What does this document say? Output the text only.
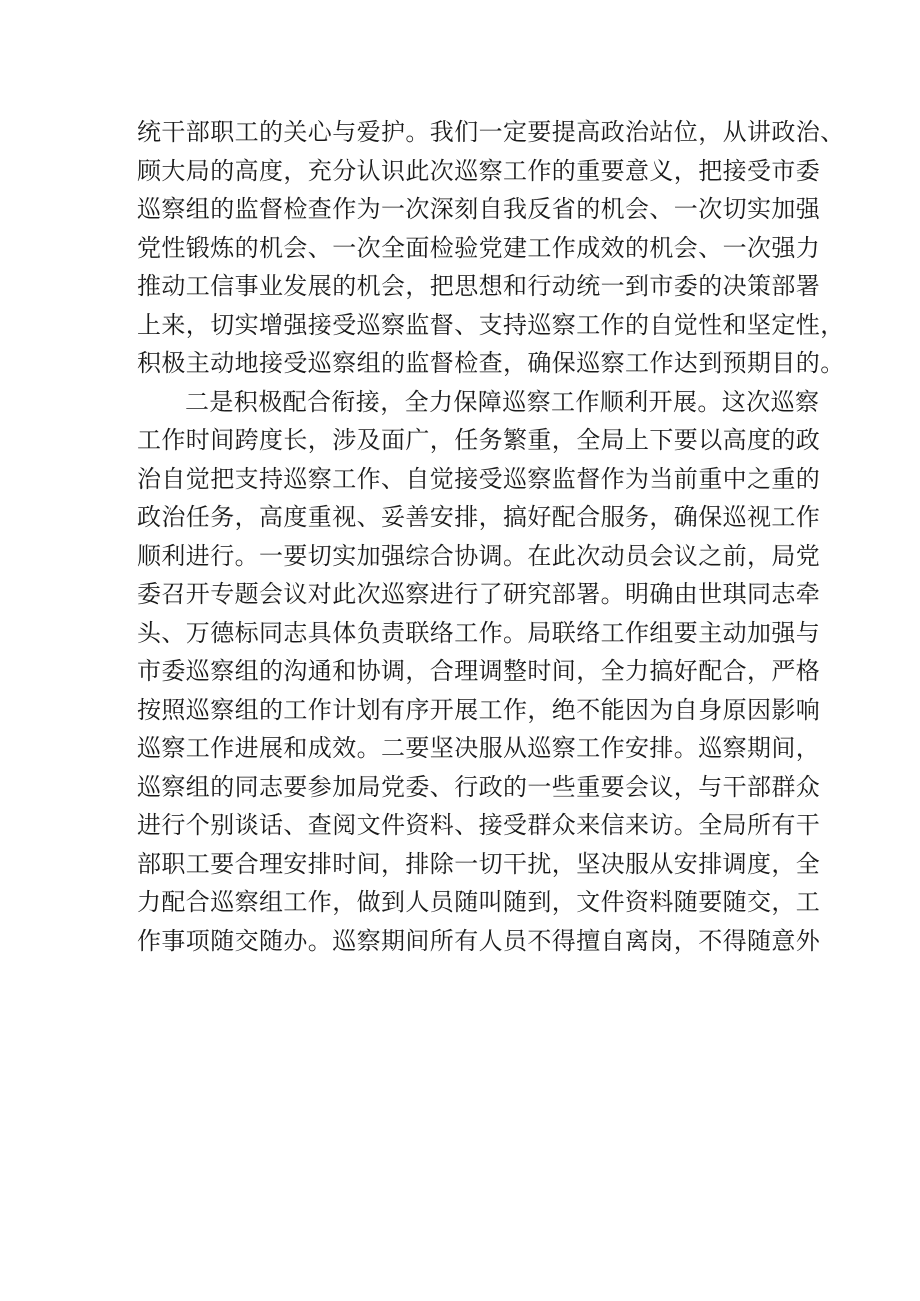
统干部职工的关心与爱护。我们一定要提高政治站位，从讲政治、
顾大局的高度，充分认识此次巡察工作的重要意义，把接受市委
巡察组的监督检查作为一次深刻自我反省的机会、一次切实加强
党性锻炼的机会、一次全面检验党建工作成效的机会、一次强力
推动工信事业发展的机会，把思想和行动统一到市委的决策部署
上来，切实增强接受巡察监督、支持巡察工作的自觉性和坚定性，
积极主动地接受巡察组的监督检查，确保巡察工作达到预期目的。
二是积极配合衔接，全力保障巡察工作顺利开展。这次巡察
工作时间跨度长，涉及面广，任务繁重，全局上下要以高度的政
治自觉把支持巡察工作、自觉接受巡察监督作为当前重中之重的
政治任务，高度重视、妥善安排，搞好配合服务，确保巡视工作
顺利进行。一要切实加强综合协调。在此次动员会议之前，局党
委召开专题会议对此次巡察进行了研究部署。明确由世琪同志牵
头、万德标同志具体负责联络工作。局联络工作组要主动加强与
市委巡察组的沟通和协调，合理调整时间，全力搞好配合，严格
按照巡察组的工作计划有序开展工作，绝不能因为自身原因影响
巡察工作进展和成效。二要坚决服从巡察工作安排。巡察期间，
巡察组的同志要参加局党委、行政的一些重要会议，与干部群众
进行个别谈话、查阅文件资料、接受群众来信来访。全局所有干
部职工要合理安排时间，排除一切干扰，坚决服从安排调度，全
力配合巡察组工作，做到人员随叫随到，文件资料随要随交，工
作事项随交随办。巡察期间所有人员不得擅自离岗，不得随意外
